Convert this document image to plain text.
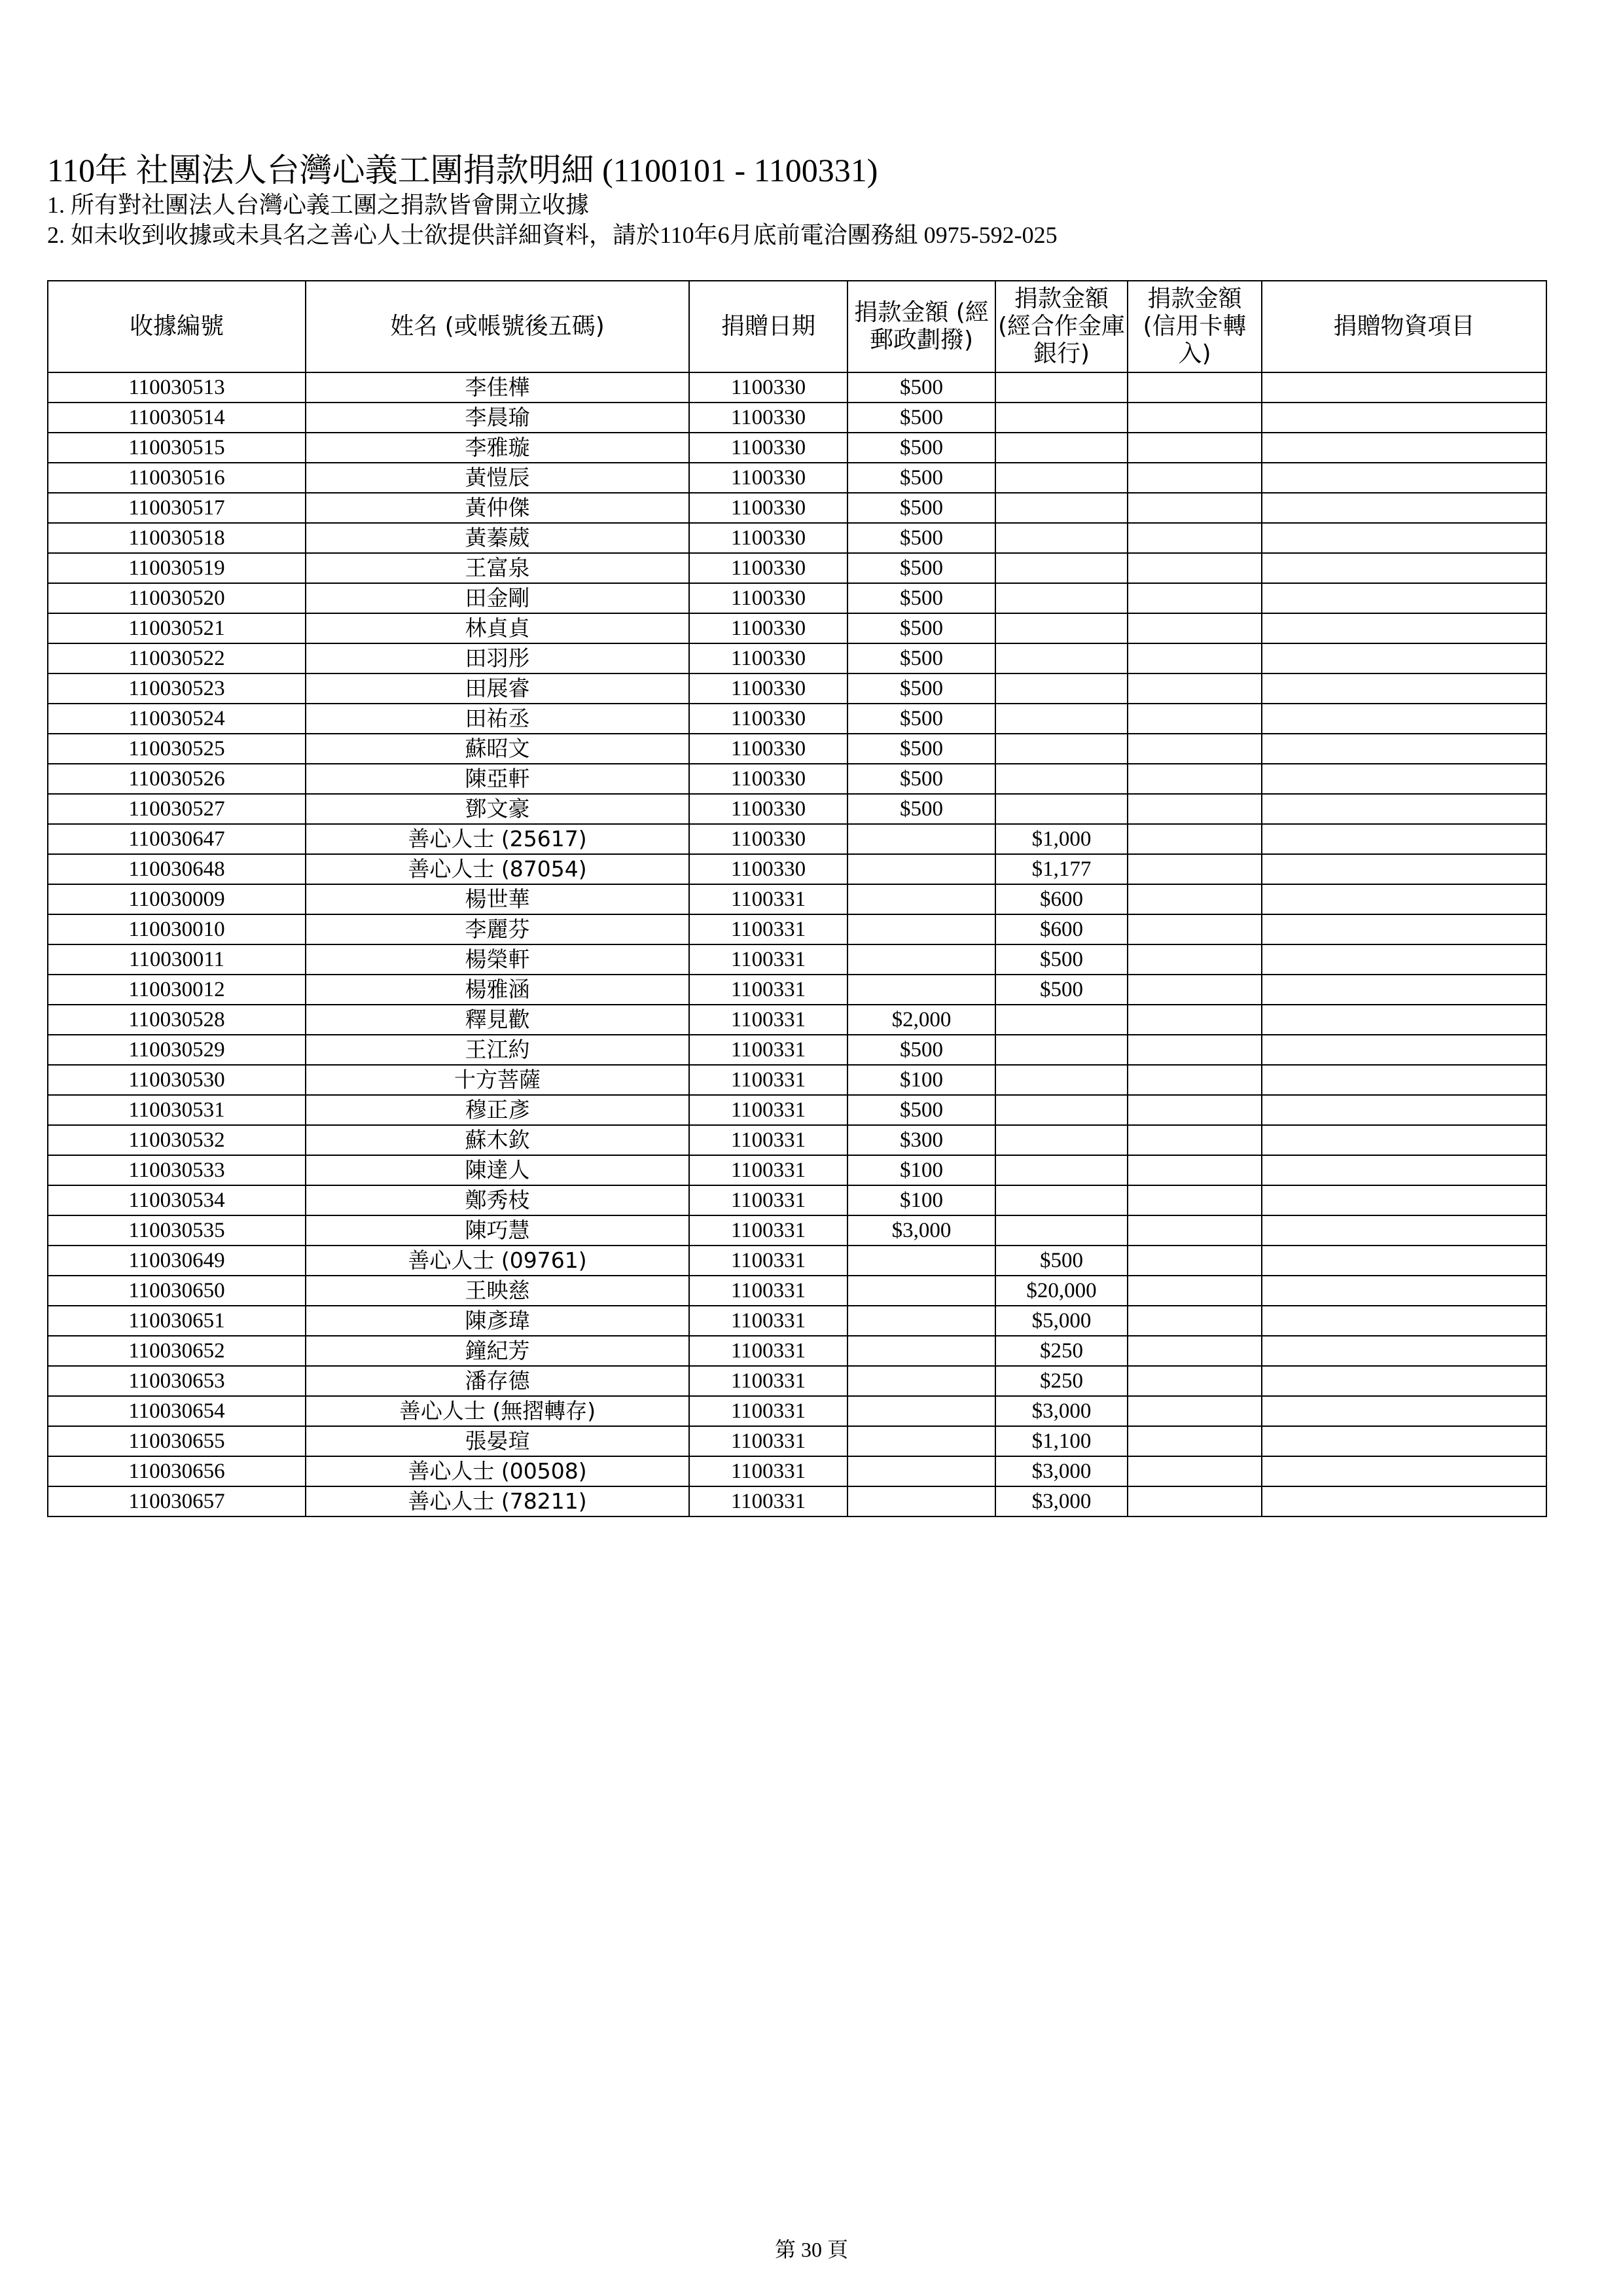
110年 社團法人台灣心義工團捐款明細 (1100101 - 1100331)
1. 所有對社團法人台灣心義工團之捐款皆會開立收據
2. 如未收到收據或未具名之善心人士欲提供詳細資料，請於110年6月底前電洽團務組 0975-592-025
收據編號	姓名 (或帳號後五碼)	捐贈日期	捐款金額 (經郵政劃撥)	捐款金額 (經合作金庫銀行)	捐款金額 (信用卡轉入)	捐贈物資項目
110030513	李佳樺	1100330	$500			
110030514	李晨瑜	1100330	$500			
110030515	李雅璇	1100330	$500			
110030516	黃愷辰	1100330	$500			
110030517	黃仲傑	1100330	$500			
110030518	黃蓁葳	1100330	$500			
110030519	王富泉	1100330	$500			
110030520	田金剛	1100330	$500			
110030521	林貞貞	1100330	$500			
110030522	田羽彤	1100330	$500			
110030523	田展睿	1100330	$500			
110030524	田祐丞	1100330	$500			
110030525	蘇昭文	1100330	$500			
110030526	陳亞軒	1100330	$500			
110030527	鄧文豪	1100330	$500			
110030647	善心人士 (25617)	1100330		$1,000		
110030648	善心人士 (87054)	1100330		$1,177		
110030009	楊世華	1100331		$600		
110030010	李麗芬	1100331		$600		
110030011	楊榮軒	1100331		$500		
110030012	楊雅涵	1100331		$500		
110030528	釋見歡	1100331	$2,000			
110030529	王江約	1100331	$500			
110030530	十方菩薩	1100331	$100			
110030531	穆正彥	1100331	$500			
110030532	蘇木欽	1100331	$300			
110030533	陳達人	1100331	$100			
110030534	鄭秀枝	1100331	$100			
110030535	陳巧慧	1100331	$3,000			
110030649	善心人士 (09761)	1100331		$500		
110030650	王映慈	1100331		$20,000		
110030651	陳彥瑋	1100331		$5,000		
110030652	鐘紀芳	1100331		$250		
110030653	潘存德	1100331		$250		
110030654	善心人士 (無摺轉存)	1100331		$3,000		
110030655	張晏瑄	1100331		$1,100		
110030656	善心人士 (00508)	1100331		$3,000		
110030657	善心人士 (78211)	1100331		$3,000		
第 30 頁
